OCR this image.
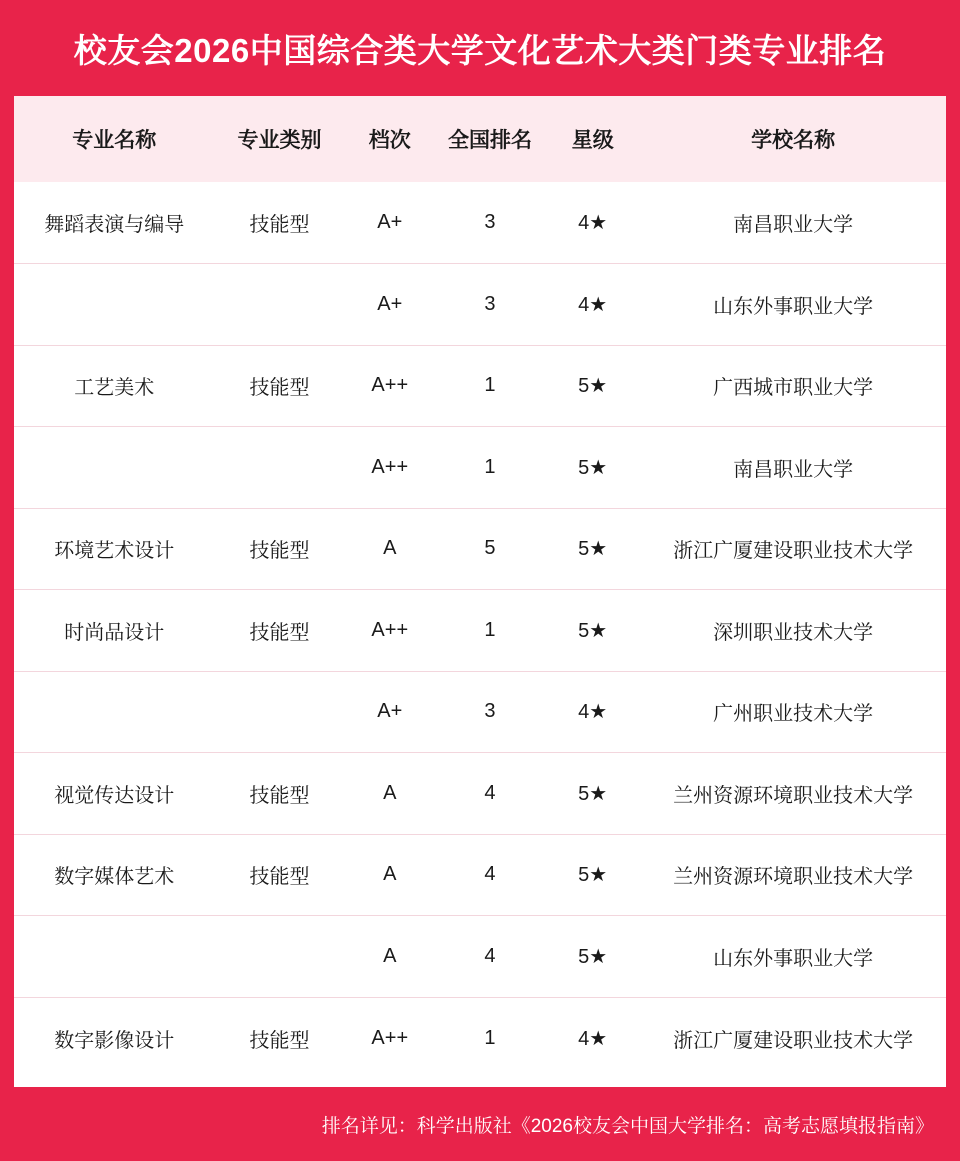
校友会2026中国综合类大学文化艺术大类门类专业排名
专业名称	专业类别	档次	全国排名	星级	学校名称
舞蹈表演与编导	技能型	A+	3	4★	南昌职业大学
		A+	3	4★	山东外事职业大学
工艺美术	技能型	A++	1	5★	广西城市职业大学
		A++	1	5★	南昌职业大学
环境艺术设计	技能型	A	5	5★	浙江广厦建设职业技术大学
时尚品设计	技能型	A++	1	5★	深圳职业技术大学
		A+	3	4★	广州职业技术大学
视觉传达设计	技能型	A	4	5★	兰州资源环境职业技术大学
数字媒体艺术	技能型	A	4	5★	兰州资源环境职业技术大学
		A	4	5★	山东外事职业大学
数字影像设计	技能型	A++	1	4★	浙江广厦建设职业技术大学
排名详见：科学出版社《2026校友会中国大学排名：高考志愿填报指南》
